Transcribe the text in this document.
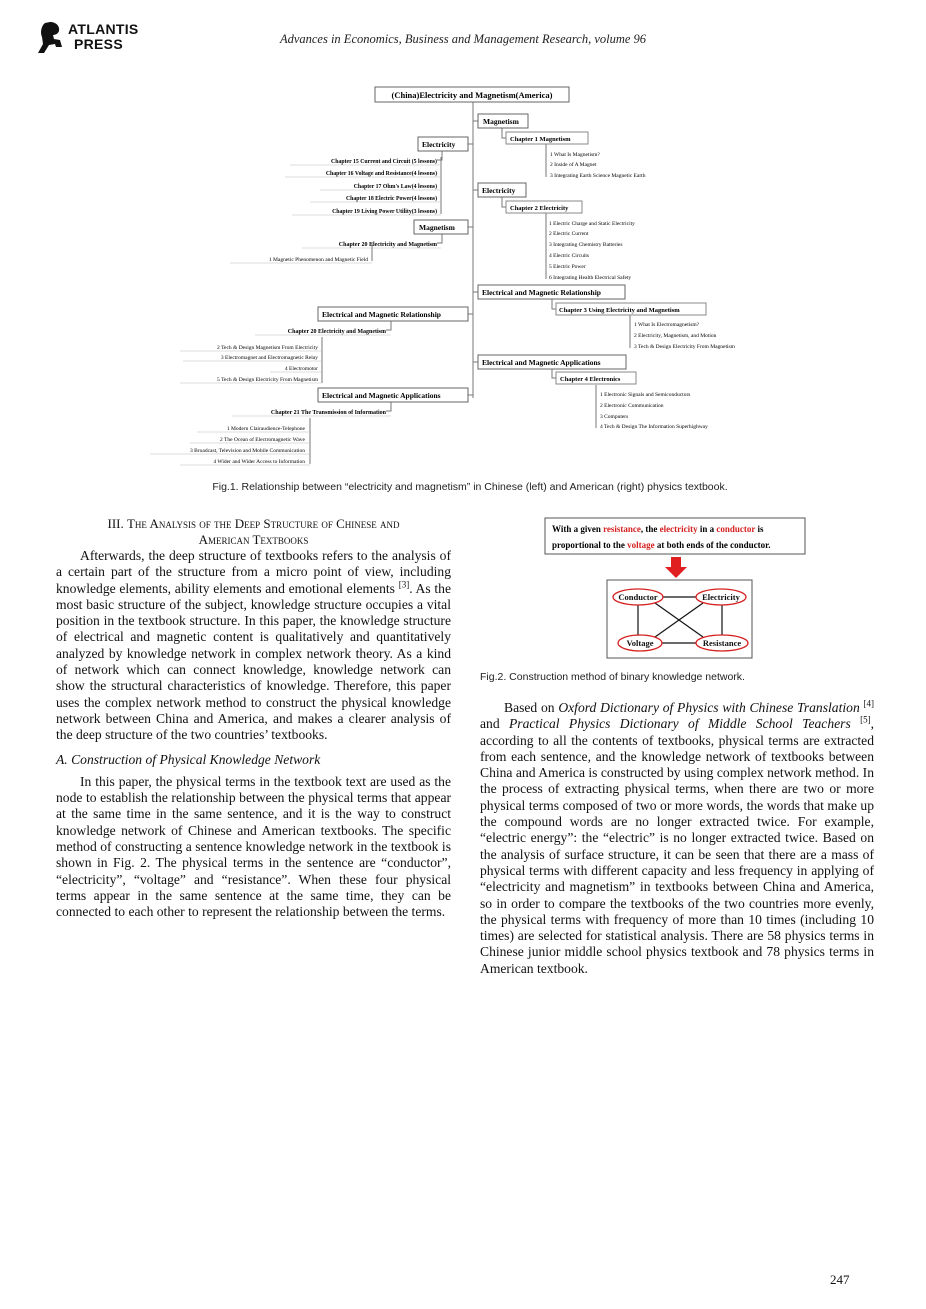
ATLANTIS
PRESS	Advances in Economics, Business and Management Research, volume 96
(China)Electricity and Magnetism(America)
Magnetism
Chapter 1 Magnetism
1 What Is Magnetism?
2 Inside of A Magnet
3 Integrating Earth Science Magnetic Earth
Electricity
Chapter 2 Electricity
1 Electric Charge and Static Electricity
2 Electric Current
3 Integrating Chemistry Batteries
4 Electric Circuits
5 Electric Power
6 Integrating Health Electrical Safety
Electrical and Magnetic Relationship
Chapter 3 Using Electricity and Magnetism
1 What Is Electromagnetism?
2 Electricity, Magnetism, and Motion
3 Tech & Design Electricity From Magnetism
Electrical and Magnetic Applications
Chapter 4 Electronics
1 Electronic Signals and Semiconductors
2 Electronic Communication
3 Computers
4 Tech & Design The Information Superhighway
Electricity
Chapter 15 Current and Circuit (5 lessons)
Chapter 16 Voltage and Resistance(4 lessons)
Chapter 17 Ohm's Law(4 lessons)
Chapter 18 Electric Power(4 lessons)
Chapter 19 Living Power Utility(3 lessons)
Magnetism
Chapter 20 Electricity and Magnetism
1 Magnetic Phenomenon and Magnetic Field
Electrical and Magnetic Relationship
Chapter 20 Electricity and Magnetism
2 Tech & Design Magnetism From Electricity
3 Electromagnet and Electromagnetic Relay
4 Electromotor
5 Tech & Design Electricity From Magnetism
Electrical and Magnetic Applications
Chapter 21 The Transmission of Information
1 Modern Clairaudience-Telephone
2 The Ocean of Electromagnetic Wave
3 Broadcast, Television and Mobile Communication
4 Wider and Wider Access to Information
Fig.1. Relationship between “electricity and magnetism” in Chinese (left) and American (right) physics textbook.
With a given resistance, the electricity in a conductor is
proportional to the voltage at both ends of the conductor.
Conductor	Electricity
Voltage	Resistance
Fig.2. Construction method of binary knowledge network.

III. The Analysis of the Deep Structure of Chinese and
American Textbooks

Afterwards, the deep structure of textbooks refers to the analysis of a certain part of the structure from a micro point of view, including knowledge elements, ability elements and emotional elements [3]. As the most basic structure of the subject, knowledge structure occupies a vital position in the textbook structure. In this paper, the knowledge structure of electrical and magnetic content is qualitatively and quantitatively analyzed by knowledge network in complex network theory. As a kind of network which can connect knowledge, knowledge network can show the structural characteristics of knowledge. Therefore, this paper uses the complex network method to construct the physical knowledge network between China and America, and makes a clearer analysis of the deep structure of the two countries’ textbooks.

A. Construction of Physical Knowledge Network

In this paper, the physical terms in the textbook text are used as the node to establish the relationship between the physical terms that appear at the same time in the same sentence, and it is the way to construct knowledge network of Chinese and American textbooks. The specific method of constructing a sentence knowledge network in the textbook is shown in Fig. 2. The physical terms in the sentence are “conductor”, “electricity”, “voltage” and “resistance”. When these four physical terms appear in the same sentence at the same time, they can be connected to each other to represent the relationship between the terms.

Based on Oxford Dictionary of Physics with Chinese Translation [4] and Practical Physics Dictionary of Middle School Teachers [5], according to all the contents of textbooks, physical terms are extracted from each sentence, and the knowledge network of textbooks between China and America is constructed by using complex network method. In the process of extracting physical terms, when there are two or more physical terms composed of two or more words, the words that make up the compound words are no longer extracted twice. For example, “electric energy”: the “electric” is no longer extracted twice. Based on the analysis of surface structure, it can be seen that there are a mass of physical terms with different capacity and less frequency in applying of “electricity and magnetism” in textbooks between China and America, so in order to compare the textbooks of the two countries more evenly, the physical terms with frequency of more than 10 times (including 10 times) are selected for statistical analysis. There are 58 physics terms in Chinese junior middle school physics textbook and 78 physics terms in American textbook.

247
